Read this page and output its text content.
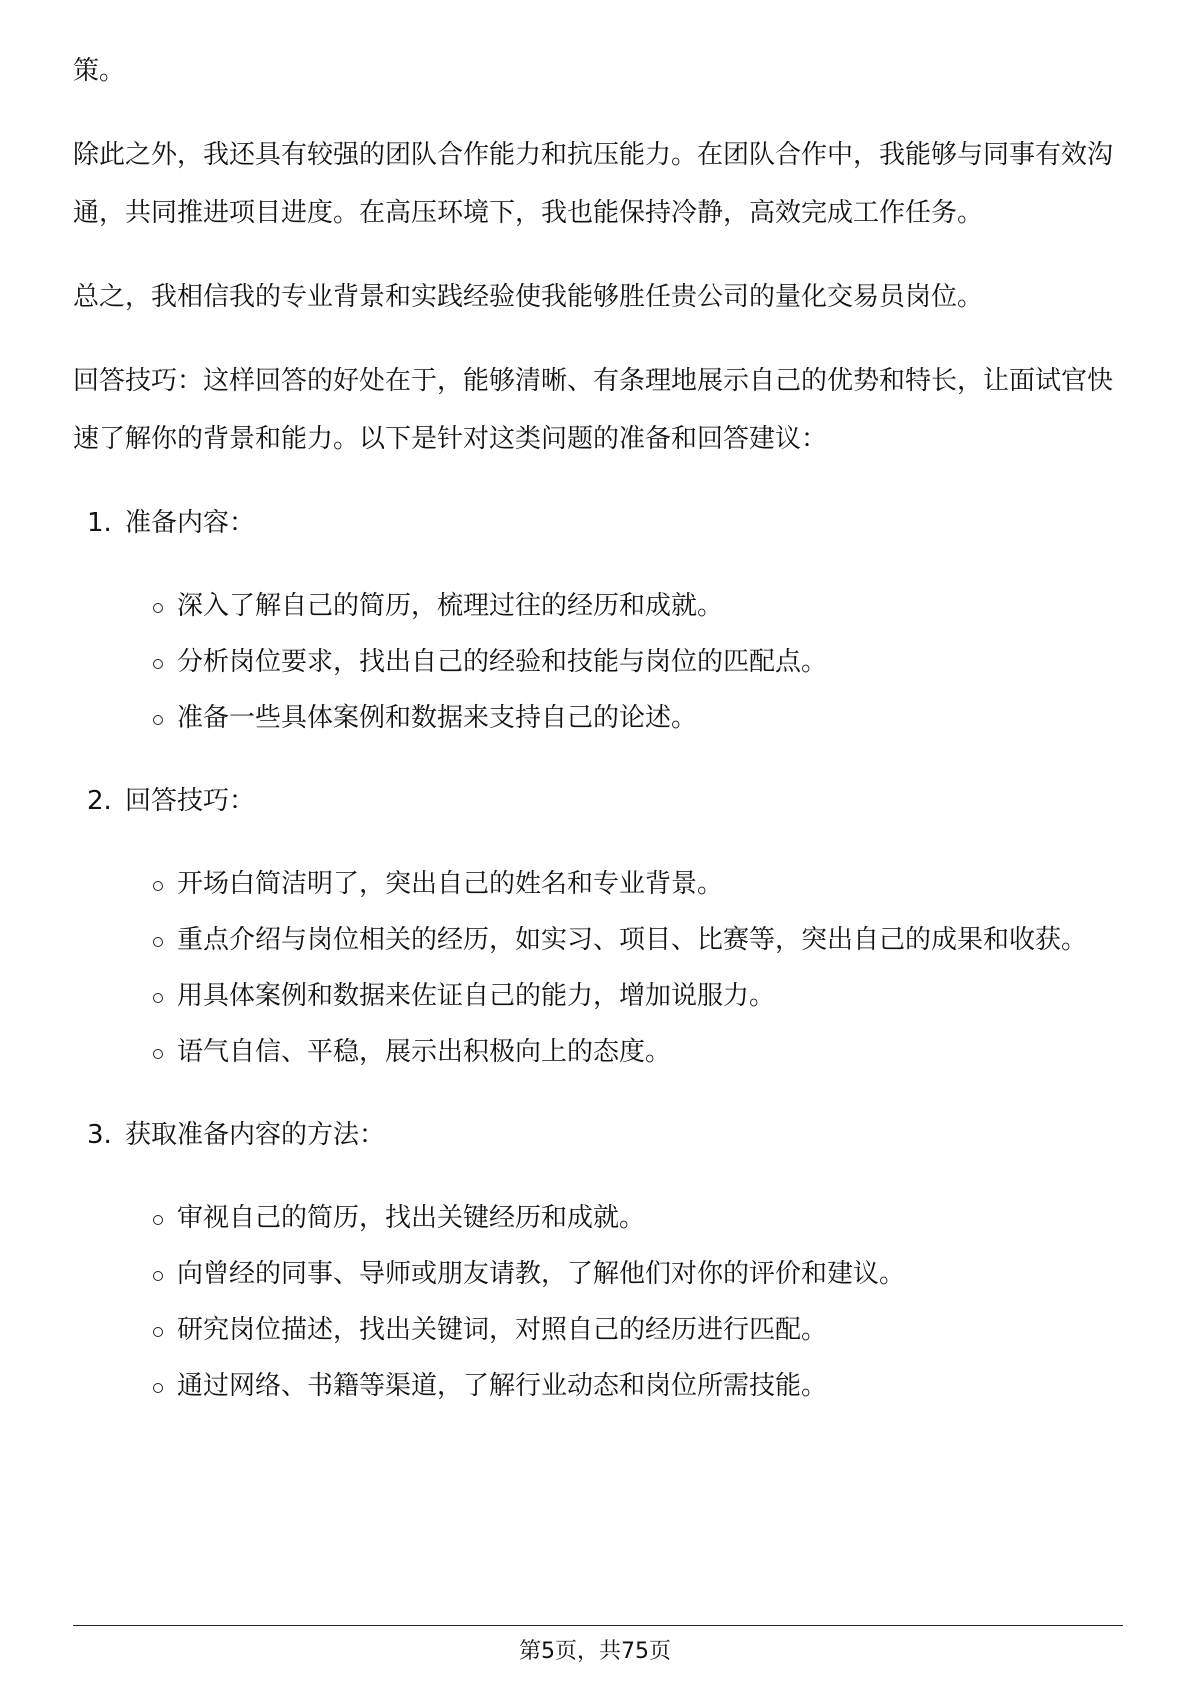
策。

除此之外，我还具有较强的团队合作能力和抗压能力。在团队合作中，我能够与同事有效沟通，共同推进项目进度。在高压环境下，我也能保持冷静，高效完成工作任务。

总之，我相信我的专业背景和实践经验使我能够胜任贵公司的量化交易员岗位。

回答技巧：这样回答的好处在于，能够清晰、有条理地展示自己的优势和特长，让面试官快速了解你的背景和能力。以下是针对这类问题的准备和回答建议：

1. 准备内容：

深入了解自己的简历，梳理过往的经历和成就。
分析岗位要求，找出自己的经验和技能与岗位的匹配点。
准备一些具体案例和数据来支持自己的论述。

2. 回答技巧：

开场白简洁明了，突出自己的姓名和专业背景。
重点介绍与岗位相关的经历，如实习、项目、比赛等，突出自己的成果和收获。
用具体案例和数据来佐证自己的能力，增加说服力。
语气自信、平稳，展示出积极向上的态度。

3. 获取准备内容的方法：

审视自己的简历，找出关键经历和成就。
向曾经的同事、导师或朋友请教，了解他们对你的评价和建议。
研究岗位描述，找出关键词，对照自己的经历进行匹配。
通过网络、书籍等渠道，了解行业动态和岗位所需技能。
第5页，共75页
